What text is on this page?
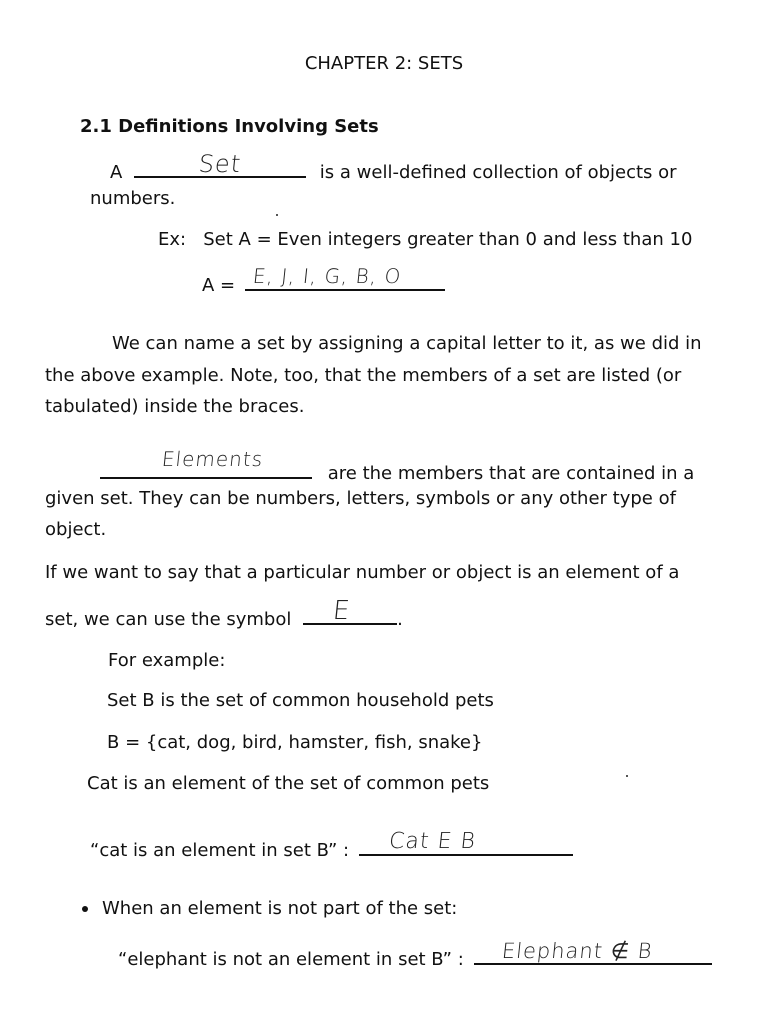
CHAPTER 2: SETS
2.1 Definitions Involving Sets
A	Set	is a well-defined collection of objects or
numbers.
Ex:   Set A = Even integers greater than 0 and less than 10
A = E, J, I, G, B, O
We can name a set by assigning a capital letter to it, as we did in
the above example. Note, too, that the members of a set are listed (or
tabulated) inside the braces.
Elements
are the members that are contained in a
given set. They can be numbers, letters, symbols or any other type of
object.
If we want to say that a particular number or object is an element of a
set, we can use the symbol	E	.
For example:
Set B is the set of common household pets
B = {cat, dog, bird, hamster, fish, snake}
Cat is an element of the set of common pets
“cat is an element in set B” :	Cat E B
When an element is not part of the set:
“elephant is not an element in set B” :	Elephant ∉ B
